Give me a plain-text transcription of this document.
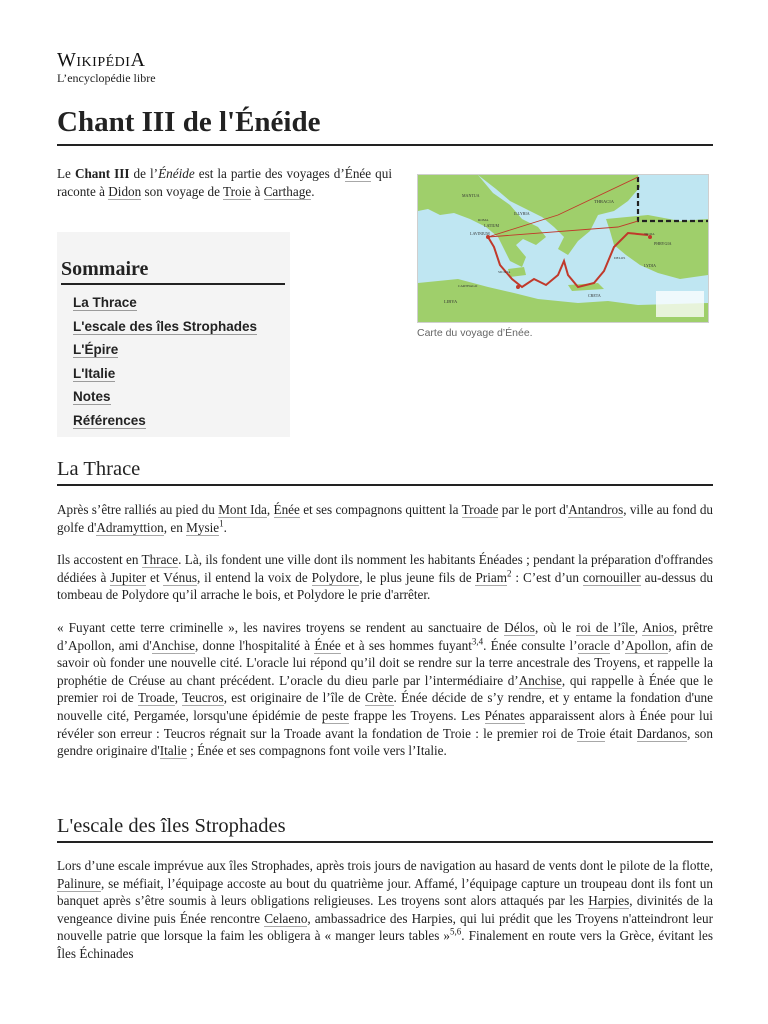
WikipédiA
L’encyclopédie libre
Chant III de l'Énéide

Le Chant III de l’Énéide est la partie des voyages d’Énée qui raconte à Didon son voyage de Troie à Carthage.	MANTUA
ILLYRIA
THRACIA
LAVINIUM
LATIUM
ROMA
DELOS
CRETA
LIBYA
CARTHAGO
SICILIA
PHRYGIA
LYDIA
TROIA
Carte du voyage d’Énée.
Sommaire
La Thrace
L'escale des îles Strophades
L'Épire
L'Italie
Notes
Références
La Thrace

Après s’être ralliés au pied du Mont Ida, Énée et ses compagnons quittent la Troade par le port d'Antandros, ville au fond du golfe d'Adramyttion, en Mysie$^1$.

Ils accostent en Thrace. Là, ils fondent une ville dont ils nomment les habitants Énéades ; pendant la préparation d'offrandes dédiées à Jupiter et Vénus, il entend la voix de Polydore, le plus jeune fils de Priam$^2$ : C’est d’un cornouiller au-dessus du tombeau de Polydore qu’il arrache le bois, et Polydore le prie d'arrêter.

« Fuyant cette terre criminelle », les navires troyens se rendent au sanctuaire de Délos, où le roi de l’île, Anios, prêtre d’Apollon, ami d'Anchise, donne l'hospitalité à Énée et à ses hommes fuyant$^{3,4}$. Énée consulte l’oracle d’Apollon, afin de savoir où fonder une nouvelle cité. L'oracle lui répond qu’il doit se rendre sur la terre ancestrale des Troyens, et rappelle la prophétie de Créuse au chant précédent. L’oracle du dieu parle par l’intermédiaire d’Anchise, qui rappelle à Énée que le premier roi de Troade, Teucros, est originaire de l’île de Crète. Énée décide de s’y rendre, et y entame la fondation d'une nouvelle cité, Pergamée, lorsqu'une épidémie de peste frappe les Troyens. Les Pénates apparaissent alors à Énée pour lui révéler son erreur : Teucros régnait sur la Troade avant la fondation de Troie : le premier roi de Troie était Dardanos, son gendre originaire d'Italie ; Énée et ses compagnons font voile vers l’Italie.

L'escale des îles Strophades

Lors d’une escale imprévue aux îles Strophades, après trois jours de navigation au hasard de vents dont le pilote de la flotte, Palinure, se méfiait, l’équipage accoste au bout du quatrième jour. Affamé, l’équipage capture un troupeau dont ils font un banquet après s’être soumis à leurs obligations religieuses. Les troyens sont alors attaqués par les Harpies, divinités de la vengeance divine puis Énée rencontre Celaeno, ambassadrice des Harpies, qui lui prédit que les Troyens n'atteindront leur nouvelle patrie que lorsque la faim les obligera à « manger leurs tables »$^{5,6}$. Finalement en route vers la Grèce, évitant les Îles Échinades
